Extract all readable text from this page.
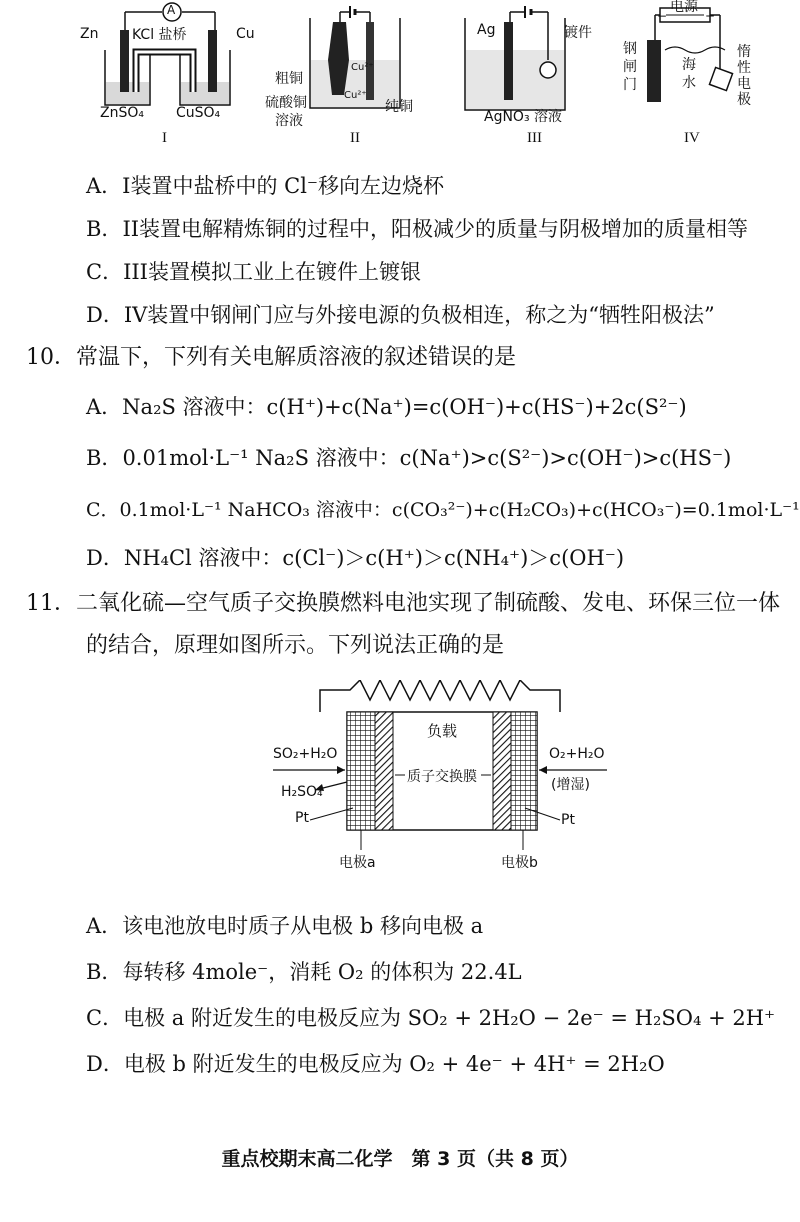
Zn
A
KCl 盐桥	Cu
ZnSO₄ CuSO₄
I
粗铜
硫酸铜
溶液
Cu²⁺
Cu²⁺
纯铜
II
Ag	镀件
AgNO₃ 溶液
III
电源
−	+
钢闸门
海水
惰性电极
IV
A．I装置中盐桥中的 Cl⁻移向左边烧杯
B．II装置电解精炼铜的过程中，阳极减少的质量与阴极增加的质量相等
C．III装置模拟工业上在镀件上镀银
D．IV装置中钢闸门应与外接电源的负极相连，称之为“牺牲阳极法”
10．常温下，下列有关电解质溶液的叙述错误的是
A．Na₂S 溶液中：c(H⁺)+c(Na⁺)=c(OH⁻)+c(HS⁻)+2c(S²⁻)
B．0.01mol·L⁻¹ Na₂S 溶液中：c(Na⁺)>c(S²⁻)>c(OH⁻)>c(HS⁻)
C．0.1mol·L⁻¹ NaHCO₃ 溶液中：c(CO₃²⁻)+c(H₂CO₃)+c(HCO₃⁻)=0.1mol·L⁻¹
D．NH₄Cl 溶液中：c(Cl⁻)＞c(H⁺)＞c(NH₄⁺)＞c(OH⁻)
11．二氧化硫—空气质子交换膜燃料电池实现了制硫酸、发电、环保三位一体
的结合，原理如图所示。下列说法正确的是
负载
SO₂+H₂O
H₂SO₄
Pt
质子交换膜
O₂+H₂O
(增湿)
Pt
电极a	电极b
A．该电池放电时质子从电极 b 移向电极 a
B．每转移 4mole⁻，消耗 O₂ 的体积为 22.4L
C．电极 a 附近发生的电极反应为 SO₂ + 2H₂O − 2e⁻ = H₂SO₄ + 2H⁺
D．电极 b 附近发生的电极反应为 O₂ + 4e⁻ + 4H⁺ = 2H₂O
重点校期末高二化学　第 3 页（共 8 页）
